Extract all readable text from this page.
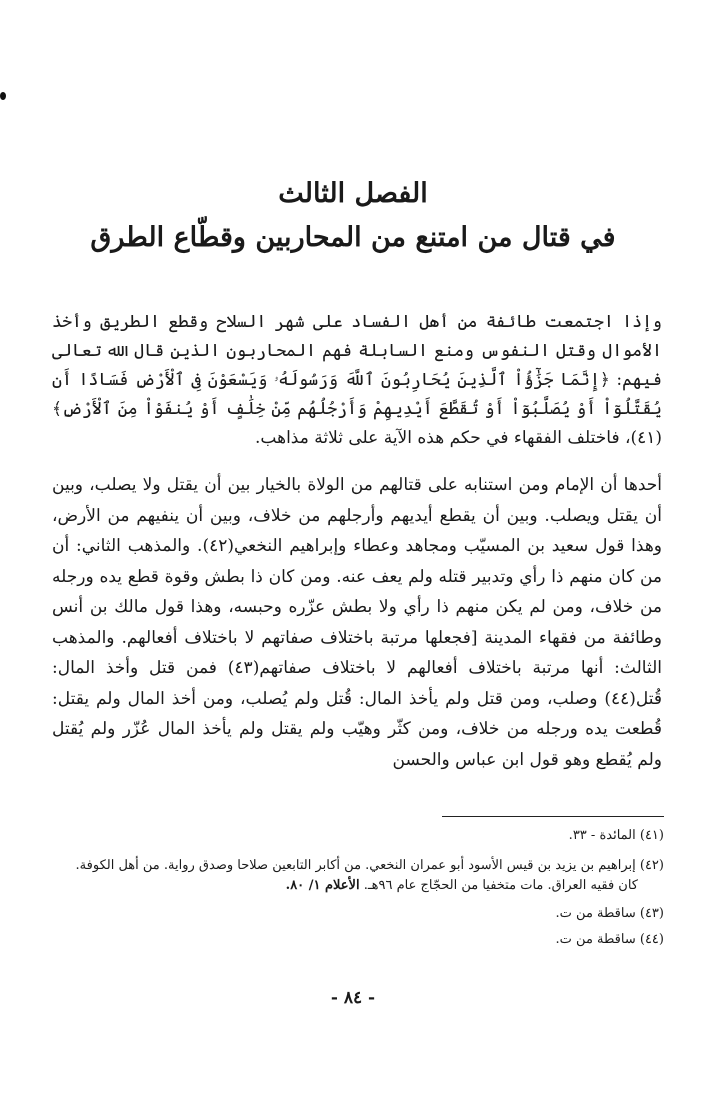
الفصل الثالث
في قتال من امتنع من المحاربين وقطّاع الطرق

وإذا اجتمعت طائفة من أهل الفساد على شهر السلاح وقطع الطريق وأخذ الأموال وقتل النفوس ومنع السابلة فهم المحاربون الذين قال الله تعالى فيهم: ﴿إِنَّمَا جَزَٰٓؤُاْ ٱلَّذِينَ يُحَارِبُونَ ٱللَّهَ وَرَسُولَهُۥ وَيَسْعَوْنَ فِى ٱلْأَرْضِ فَسَادًا أَن يُقَتَّلُوٓاْ أَوْ يُصَلَّبُوٓاْ أَوْ تُقَطَّعَ أَيْدِيهِمْ وَأَرْجُلُهُم مِّنْ خِلَٰفٍ أَوْ يُنفَوْاْ مِنَ ٱلْأَرْضِ﴾(٤١)، فاختلف الفقهاء في حكم هذه الآية على ثلاثة مذاهب.

أحدها أن الإمام ومن استنابه على قتالهم من الولاة بالخيار بين أن يقتل ولا يصلب، وبين أن يقتل ويصلب. وبين أن يقطع أيديهم وأرجلهم من خلاف، وبين أن ينفيهم من الأرض، وهذا قول سعيد بن المسيّب ومجاهد وعطاء وإبراهيم النخعي(٤٢). والمذهب الثاني: أن من كان منهم ذا رأي وتدبير قتله ولم يعف عنه. ومن كان ذا بطش وقوة قطع يده ورجله من خلاف، ومن لم يكن منهم ذا رأي ولا بطش عزّره وحبسه، وهذا قول مالك بن أنس وطائفة من فقهاء المدينة [فجعلها مرتبة باختلاف صفاتهم لا باختلاف أفعالهم. والمذهب الثالث: أنها مرتبة باختلاف أفعالهم لا باختلاف صفاتهم(٤٣) فمن قتل وأخذ المال: قُتل(٤٤) وصلب، ومن قتل ولم يأخذ المال: قُتل ولم يُصلب، ومن أخذ المال ولم يقتل: قُطعت يده ورجله من خلاف، ومن كثّر وهيّب ولم يقتل ولم يأخذ المال عُزّر ولم يُقتل ولم يُقطع وهو قول ابن عباس والحسن

(٤١) المائدة - ٣٣.

(٤٢) إبراهيم بن يزيد بن قيس الأسود أبو عمران النخعي. من أكابر التابعين صلاحا وصدق رواية. من أهل الكوفة.
كان فقيه العراق. مات متخفيا من الحجّاج عام ٩٦هـ. الأعلام ١/ ٨٠.

(٤٣) ساقطة من ت.

(٤٤) ساقطة من ت.

- ٨٤ -
